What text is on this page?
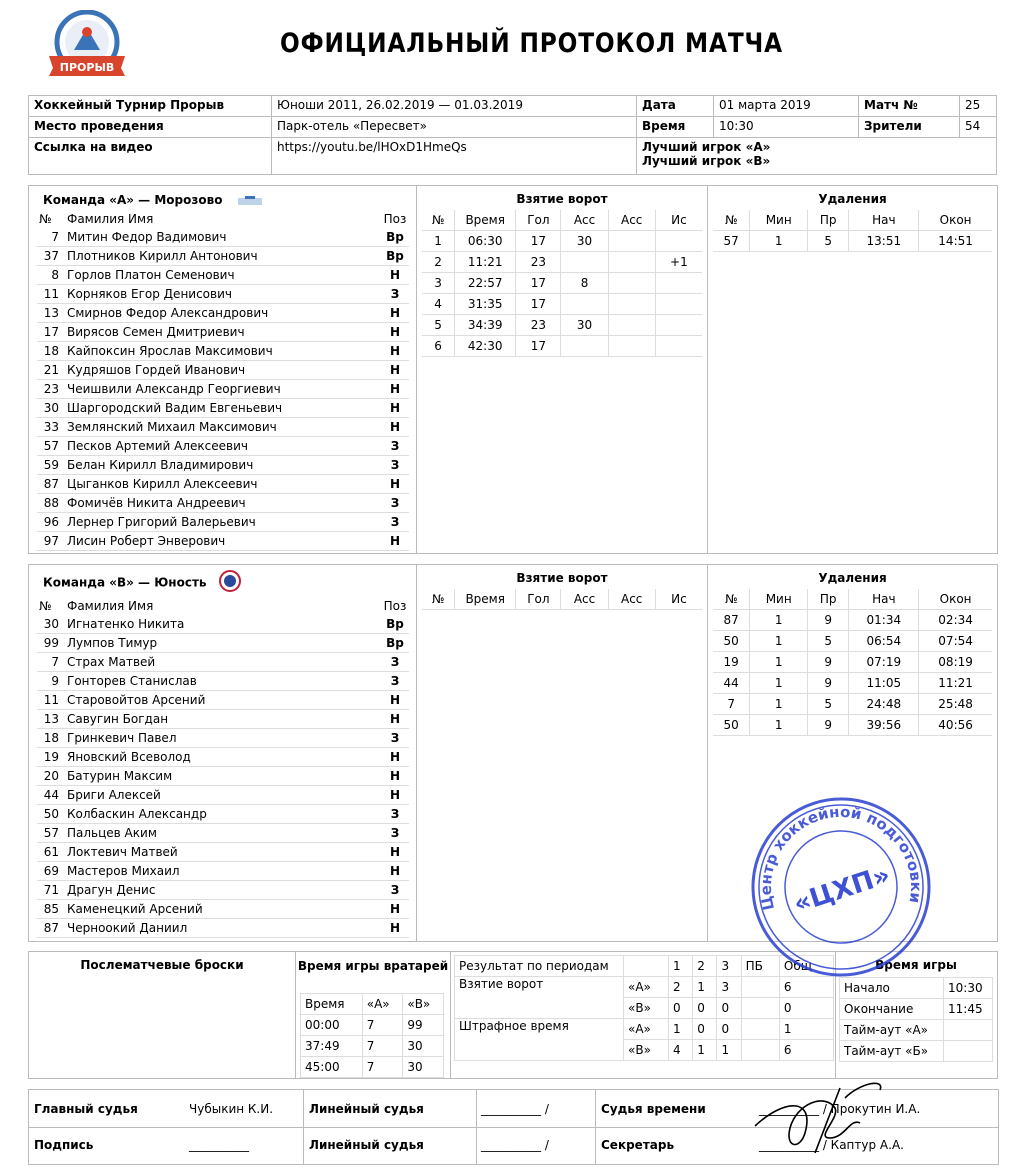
ПРОРЫВ
ОФИЦИАЛЬНЫЙ ПРОТОКОЛ МАТЧА
Хоккейный Турнир Прорыв	Юноши 2011, 26.02.2019 — 01.03.2019	Дата	01 марта 2019	Матч №	25
Место проведения	Парк-отель «Пересвет»	Время	10:30	Зрители	54
Ссылка на видео	https://youtu.be/lHOxD1HmeQs	Лучший игрок «А»
Лучший игрок «В»			
Команда «А» — Морозово
№	Фамилия Имя	Поз
7	Митин Федор Вадимович	Вр
37	Плотников Кирилл Антонович	Вр
8	Горлов Платон Семенович	Н
11	Корняков Егор Денисович	З
13	Смирнов Федор Александрович	Н
17	Вирясов Семен Дмитриевич	Н
18	Кайпоксин Ярослав Максимович	Н
21	Кудряшов Гордей Иванович	Н
23	Чеишвили Александр Георгиевич	Н
30	Шаргородский Вадим Евгеньевич	Н
33	Землянский Михаил Максимович	Н
57	Песков Артемий Алексеевич	З
59	Белан Кирилл Владимирович	З
87	Цыганков Кирилл Алексеевич	Н
88	Фомичёв Никита Андреевич	З
96	Лернер Григорий Валерьевич	З
97	Лисин Роберт Энверович	Н
Взятие ворот
№	Время	Гол	Асс	Асс	Ис
1	06:30	17	30		
2	11:21	23			+1
3	22:57	17	8		
4	31:35	17			
5	34:39	23	30		
6	42:30	17			
Удаления
№	Мин	Пр	Нач	Окон
57	1	5	13:51	14:51
Команда «В» — Юность
№	Фамилия Имя	Поз
30	Игнатенко Никита	Вр
99	Лумпов Тимур	Вр
7	Страх Матвей	З
9	Гонторев Станислав	З
11	Старовойтов Арсений	Н
13	Савугин Богдан	Н
18	Гринкевич Павел	З
19	Яновский Всеволод	Н
20	Батурин Максим	Н
44	Бриги Алексей	Н
50	Колбаскин Александр	З
57	Пальцев Аким	З
61	Локтевич Матвей	Н
69	Мастеров Михаил	Н
71	Драгун Денис	З
85	Каменецкий Арсений	Н
87	Черноокий Даниил	Н
Взятие ворот
№	Время	Гол	Асс	Асс	Ис
Удаления
№	Мин	Пр	Нач	Окон
87	1	9	01:34	02:34
50	1	5	06:54	07:54
19	1	9	07:19	08:19
44	1	9	11:05	11:21
7	1	5	24:48	25:48
50	1	9	39:56	40:56
Послематчевые броски	Время игры вратарей
Время	«А»	«В»
00:00	7	99
37:49	7	30
45:00	7	30
Результат по периодам		1	2	3	ПБ	Общ
Взятие ворот	«А»	2	1	3		6
	«В»	0	0	0		0
Штрафное время	«А»	1	0	0		1
	«В»	4	1	1		6
Время игры
Начало	10:30
Окончание	11:45
Тайм-аут «А»	
Тайм-аут «Б»	
Главный судья	Чубыкин К.И.	Линейный судья	__________ /	Судья времени	__________ / Прокутин И.А.
Подпись	__________	Линейный судья	__________ /	Секретарь	__________ / Каптур А.А.
Центр хоккейной подготовки
«ЦХП»
